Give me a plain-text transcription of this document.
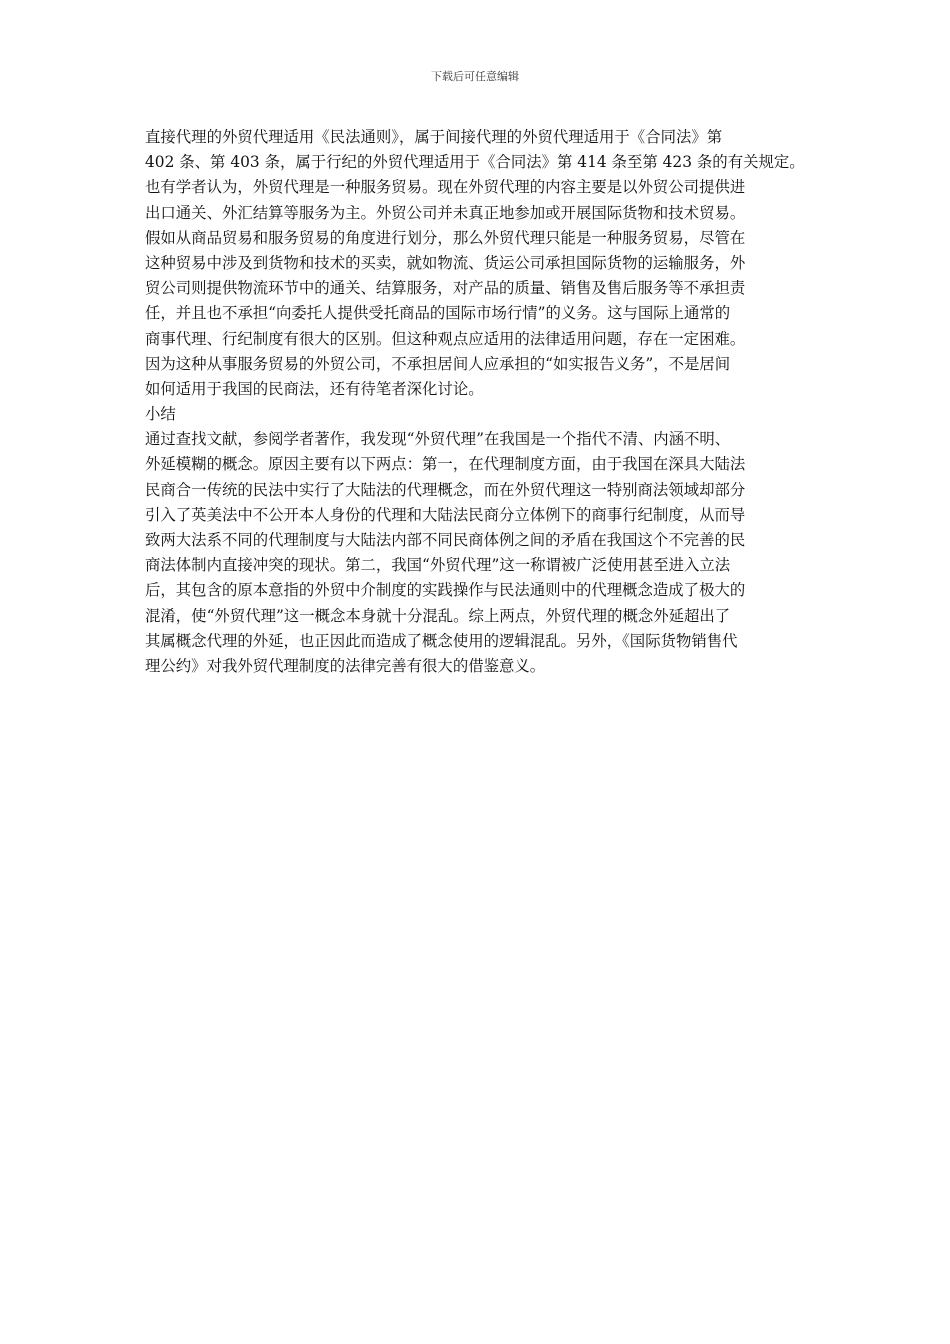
下载后可任意编辑
直接代理的外贸代理适用《民法通则》，属于间接代理的外贸代理适用于《合同法》第
402 条、第 403 条，属于行纪的外贸代理适用于《合同法》第 414 条至第 423 条的有关规定。
也有学者认为，外贸代理是一种服务贸易。现在外贸代理的内容主要是以外贸公司提供进
出口通关、外汇结算等服务为主。外贸公司并未真正地参加或开展国际货物和技术贸易。
假如从商品贸易和服务贸易的角度进行划分，那么外贸代理只能是一种服务贸易，尽管在
这种贸易中涉及到货物和技术的买卖，就如物流、货运公司承担国际货物的运输服务，外
贸公司则提供物流环节中的通关、结算服务，对产品的质量、销售及售后服务等不承担责
任，并且也不承担“向委托人提供受托商品的国际市场行情”的义务。这与国际上通常的
商事代理、行纪制度有很大的区别。但这种观点应适用的法律适用问题，存在一定困难。
因为这种从事服务贸易的外贸公司，不承担居间人应承担的“如实报告义务”，不是居间
如何适用于我国的民商法，还有待笔者深化讨论。
小结
通过查找文献，参阅学者著作，我发现“外贸代理”在我国是一个指代不清、内涵不明、
外延模糊的概念。原因主要有以下两点：第一，在代理制度方面，由于我国在深具大陆法
民商合一传统的民法中实行了大陆法的代理概念，而在外贸代理这一特别商法领域却部分
引入了英美法中不公开本人身份的代理和大陆法民商分立体例下的商事行纪制度，从而导
致两大法系不同的代理制度与大陆法内部不同民商体例之间的矛盾在我国这个不完善的民
商法体制内直接冲突的现状。第二，我国“外贸代理”这一称谓被广泛使用甚至进入立法
后，其包含的原本意指的外贸中介制度的实践操作与民法通则中的代理概念造成了极大的
混淆，使“外贸代理”这一概念本身就十分混乱。综上两点，外贸代理的概念外延超出了
其属概念代理的外延，也正因此而造成了概念使用的逻辑混乱。另外，《国际货物销售代
理公约》对我外贸代理制度的法律完善有很大的借鉴意义。
